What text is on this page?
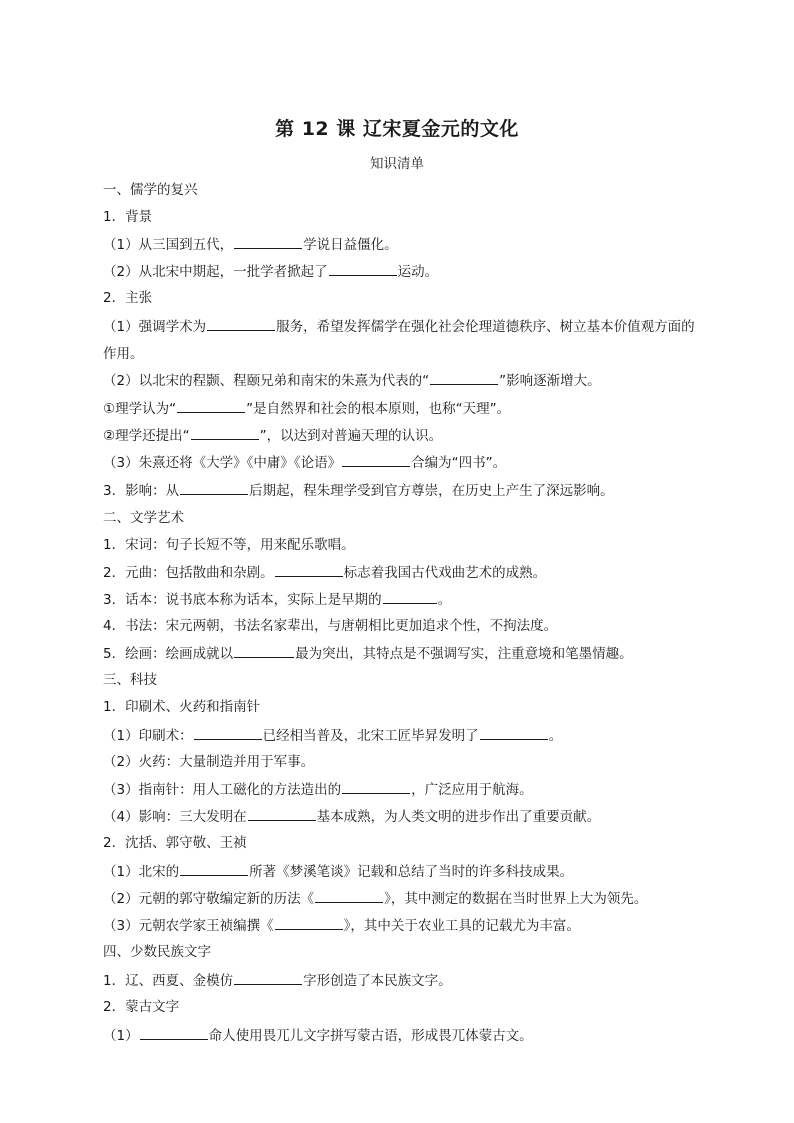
第 12 课 辽宋夏金元的文化
知识清单
一、儒学的复兴
1．背景
（1）从三国到五代，	学说日益僵化。
（2）从北宋中期起，一批学者掀起了	运动。
2．主张
（1）强调学术为	服务，希望发挥儒学在强化社会伦理道德秩序、树立基本价值观方面的
作用。
（2）以北宋的程颢、程颐兄弟和南宋的朱熹为代表的“	”影响逐渐增大。
①理学认为“	”是自然界和社会的根本原则，也称“天理”。
②理学还提出“	”，以达到对普遍天理的认识。
（3）朱熹还将《大学》《中庸》《论语》	合编为“四书”。
3．影响：从	后期起，程朱理学受到官方尊崇，在历史上产生了深远影响。
二、文学艺术
1．宋词：句子长短不等，用来配乐歌唱。
2．元曲：包括散曲和杂剧。	标志着我国古代戏曲艺术的成熟。
3．话本：说书底本称为话本，实际上是早期的	。
4．书法：宋元两朝，书法名家辈出，与唐朝相比更加追求个性，不拘法度。
5．绘画：绘画成就以	最为突出，其特点是不强调写实，注重意境和笔墨情趣。
三、科技
1．印刷术、火药和指南针
（1）印刷术：	已经相当普及，北宋工匠毕昇发明了	。
（2）火药：大量制造并用于军事。
（3）指南针：用人工磁化的方法造出的	，广泛应用于航海。
（4）影响：三大发明在	基本成熟，为人类文明的进步作出了重要贡献。
2．沈括、郭守敬、王祯
（1）北宋的	所著《梦溪笔谈》记载和总结了当时的许多科技成果。
（2）元朝的郭守敬编定新的历法《	》，其中测定的数据在当时世界上大为领先。
（3）元朝农学家王祯编撰《	》，其中关于农业工具的记载尤为丰富。
四、少数民族文字
1．辽、西夏、金模仿	字形创造了本民族文字。
2．蒙古文字
（1）	命人使用畏兀儿文字拼写蒙古语，形成畏兀体蒙古文。
